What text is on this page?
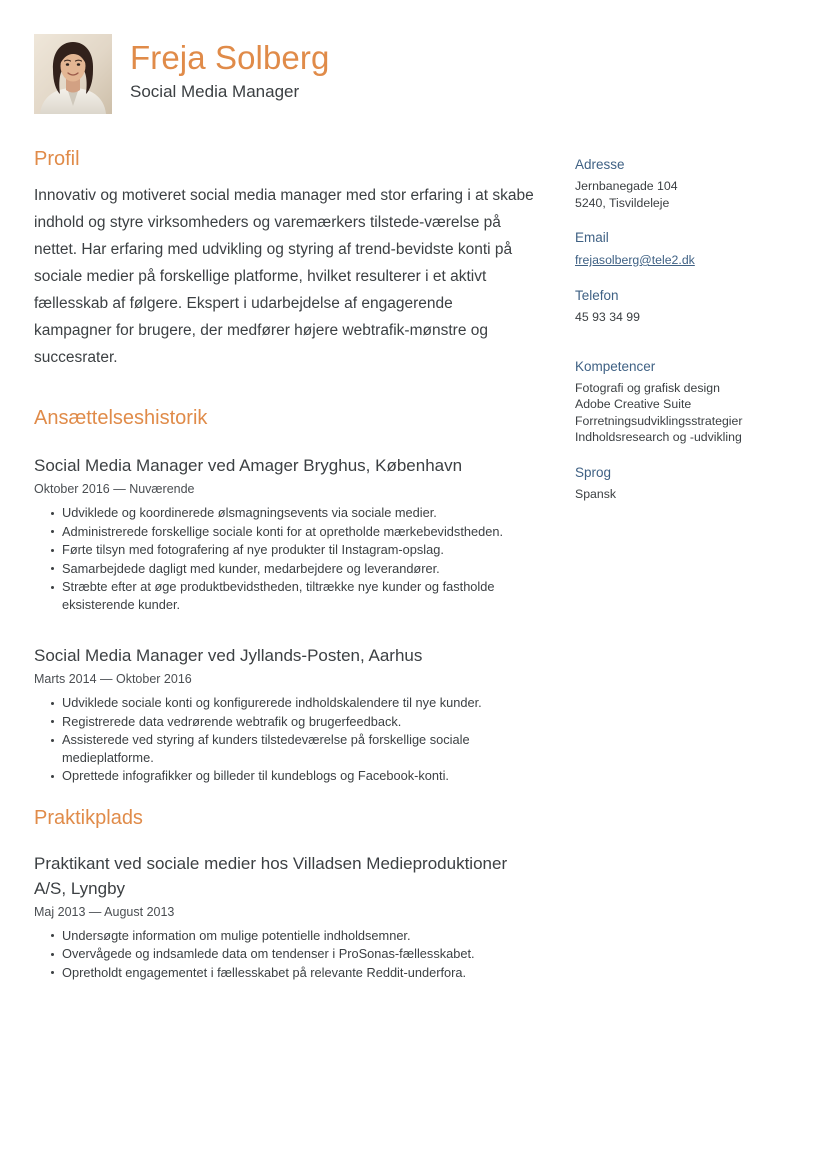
Freja Solberg
Social Media Manager
Profil

Innovativ og motiveret social media manager med stor erfaring i at skabe indhold og styre virksomheders og varemærkers tilstede-værelse på nettet. Har erfaring med udvikling og styring af trend-bevidste konti på sociale medier på forskellige platforme, hvilket resulterer i et aktivt fællesskab af følgere. Ekspert i udarbejdelse af engagerende kampagner for brugere, der medfører højere webtrafik-mønstre og succesrater.

Ansættelseshistorik
Social Media Manager ved Amager Bryghus, København
Oktober 2016 — Nuværende
Udviklede og koordinerede ølsmagningsevents via sociale medier.
Administrerede forskellige sociale konti for at opretholde mærkebevidstheden.
Førte tilsyn med fotografering af nye produkter til Instagram-opslag.
Samarbejdede dagligt med kunder, medarbejdere og leverandører.
Stræbte efter at øge produktbevidstheden, tiltrække nye kunder og fastholde eksisterende kunder.
Social Media Manager ved Jyllands-Posten, Aarhus
Marts 2014 — Oktober 2016
Udviklede sociale konti og konfigurerede indholdskalendere til nye kunder.
Registrerede data vedrørende webtrafik og brugerfeedback.
Assisterede ved styring af kunders tilstedeværelse på forskellige sociale medieplatforme.
Oprettede infografikker og billeder til kundeblogs og Facebook-konti.
Praktikplads
Praktikant ved sociale medier hos Villadsen Medieproduktioner A/S, Lyngby
Maj 2013 — August 2013
Undersøgte information om mulige potentielle indholdsemner.
Overvågede og indsamlede data om tendenser i ProSonas-fællesskabet.
Opretholdt engagementet i fællesskabet på relevante Reddit-underfora.
Adresse
Jernbanegade 104
5240, Tisvildeleje
Email
frejasolberg@tele2.dk
Telefon
45 93 34 99
Kompetencer
Fotografi og grafisk design
Adobe Creative Suite
Forretningsudviklingsstrategier
Indholdsresearch og -udvikling
Sprog
Spansk
